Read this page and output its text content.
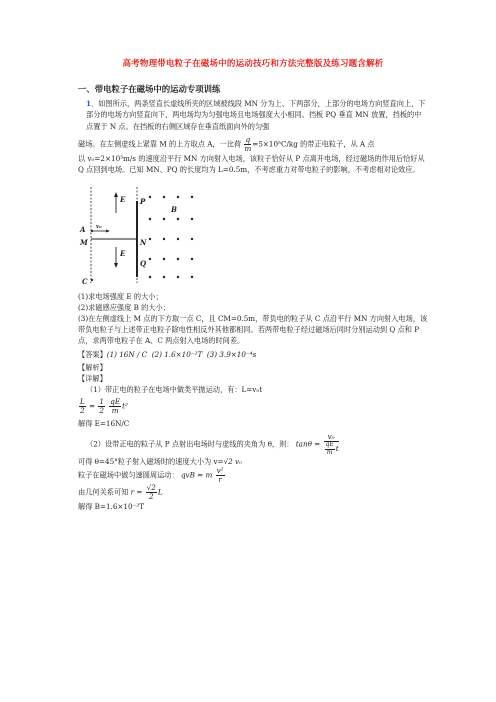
高考物理带电粒子在磁场中的运动技巧和方法完整版及练习题含解析
一、带电粒子在磁场中的运动专项训练

1．如图所示，两条竖直长虚线所夹的区域被线段 MN 分为上、下两部分，上部分的电场方向竖直向上，下部分的电场方向竖直向下，两电场均为匀强电场且电场强度大小相同。挡板 PQ 垂直 MN 放置，挡板的中点置于 N 点。在挡板的右侧区域存在垂直纸面向外的匀强

磁场。在左侧虚线上紧靠 M 的上方取点 A，一比荷 $\frac{q}{m} =5\times 10^5C/kg$ 的带正电粒子，从 A 点

以 v₀=2×10³m/s 的速度沿平行 MN 方向射入电场，该粒子恰好从 P 点离开电场，经过磁场的作用后恰好从 Q 点回到电场。已知 MN、PQ 的长度均为 L=0.5m，不考虑重力对带电粒子的影响，不考虑相对论效应。

E P
B
A v₀
M	N
E
Q
C

(1)求电场强度 E 的大小；

(2)求磁感应强度 B 的大小；

(3)在左侧虚线上 M 点的下方取一点 C，且 CM=0.5m，带负电的粒子从 C 点沿平行 MN 方向射入电场，该带负电粒子与上述带正电粒子除电性相反外其他都相同。若两带电粒子经过磁场后同时分别运动到 Q 点和 P 点，求两带电粒子在 A、C 两点射入电场的时间差。

【答案】(1) 16N / C (2) 1.6×10⁻²T (3) 3.9×10⁻⁴s

【解析】

【详解】

（1）带正电的粒子在电场中做类平抛运动，有：L=v₀t

$\frac{L}{2} = \frac{1}{2}$
$\frac{qE}{m} t^2$

解得 E=16N/C

（2）设带正电的粒子从 P 点射出电场时与虚线的夹角为 θ，则： $\tan\theta = \frac{\text{v₀}}{\frac{qE}{m} t}$

可得 θ=45°粒子射入磁场时的速度大小为 v=√2 v₀

粒子在磁场中做匀速圆周运动： qvB = m $\frac{\text{v²}}{r}$

由几何关系可知 $r = \frac{√2}{2}$ L

解得 B=1.6×10⁻²T
